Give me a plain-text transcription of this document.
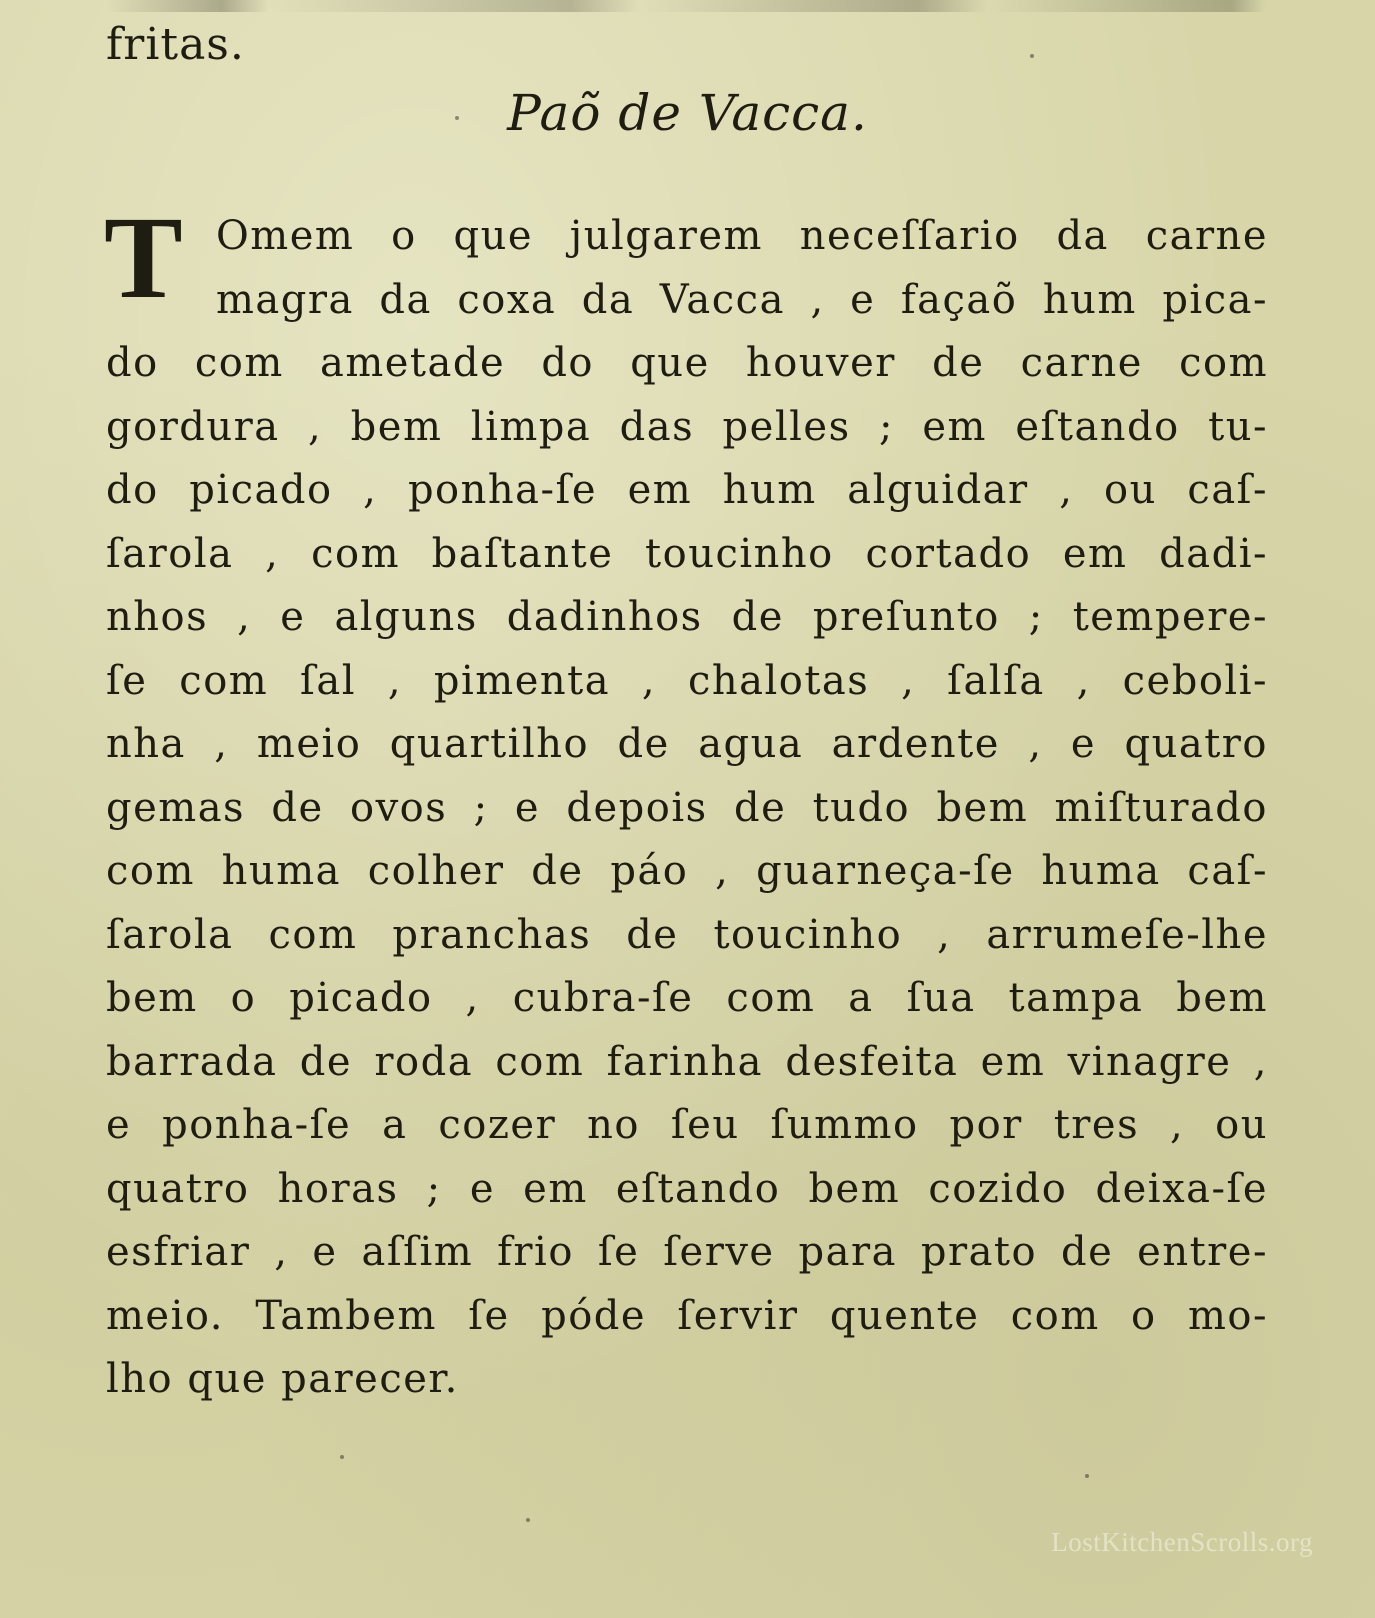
fritas.
Paõ de Vacca.
T Omem o que julgarem neceſſario da carne
magra da coxa da Vacca , e façaõ hum pica-
do com ametade do que houver de carne com
gordura , bem limpa das pelles ; em eſtando tu-
do picado , ponha-ſe em hum alguidar , ou caſ-
ſarola , com baſtante toucinho cortado em dadi-
nhos , e alguns dadinhos de preſunto ; tempere-
ſe com ſal , pimenta , chalotas , ſalſa , ceboli-
nha , meio quartilho de agua ardente , e quatro
gemas de ovos ; e depois de tudo bem miſturado
com huma colher de páo , guarneça-ſe huma caſ-
ſarola com pranchas de toucinho , arrumeſe-lhe
bem o picado , cubra-ſe com a ſua tampa bem
barrada de roda com farinha desfeita em vinagre ,
e ponha-ſe a cozer no ſeu ſummo por tres , ou
quatro horas ; e em eſtando bem cozido deixa-ſe
esfriar , e aſſim frio ſe ſerve para prato de entre-
meio. Tambem ſe póde ſervir quente com o mo-
lho que parecer.
LostKitchenScrolls.org
